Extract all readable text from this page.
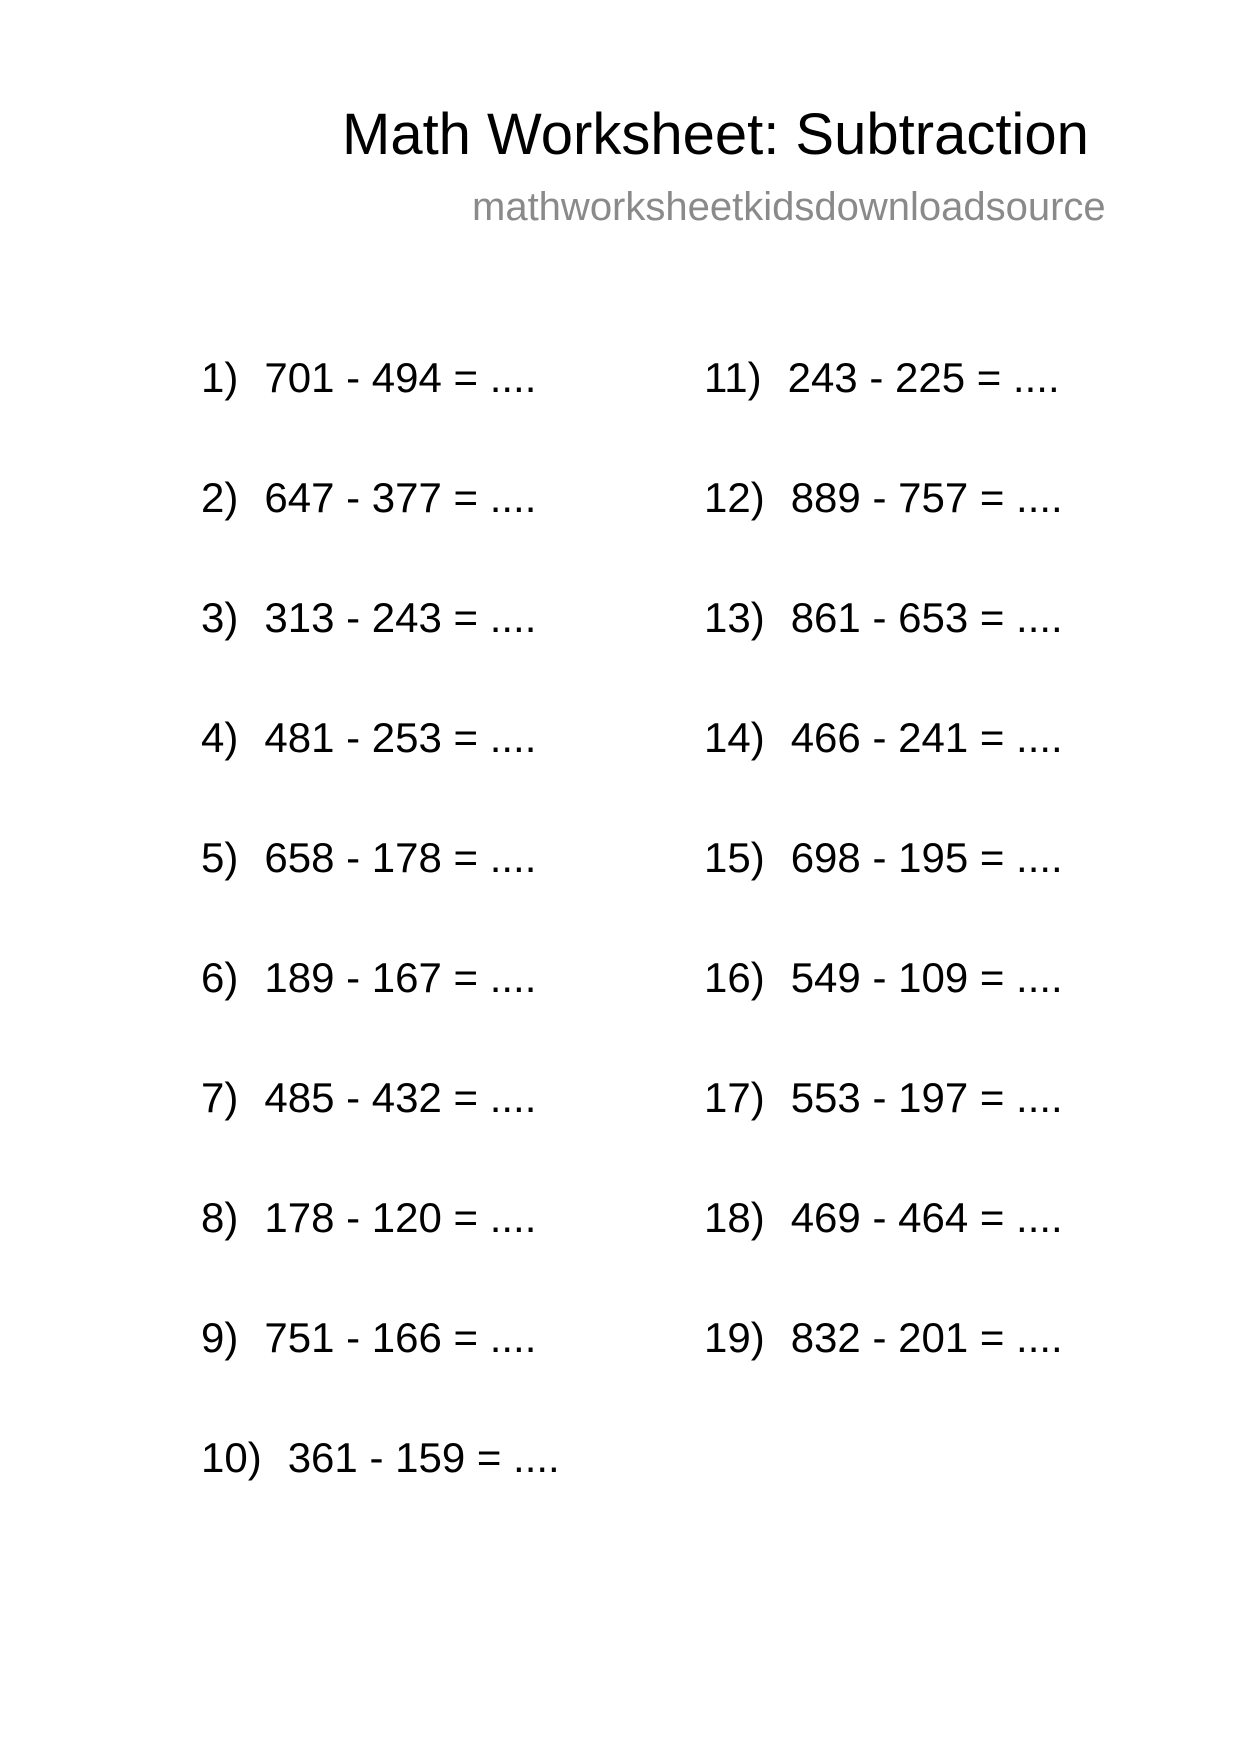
Math Worksheet: Subtraction
mathworksheetkidsdownloadsource
1) 701 - 494 = ....
2) 647 - 377 = ....
3) 313 - 243 = ....
4) 481 - 253 = ....
5) 658 - 178 = ....
6) 189 - 167 = ....
7) 485 - 432 = ....
8) 178 - 120 = ....
9) 751 - 166 = ....
10) 361 - 159 = ....
11) 243 - 225 = ....
12) 889 - 757 = ....
13) 861 - 653 = ....
14) 466 - 241 = ....
15) 698 - 195 = ....
16) 549 - 109 = ....
17) 553 - 197 = ....
18) 469 - 464 = ....
19) 832 - 201 = ....
